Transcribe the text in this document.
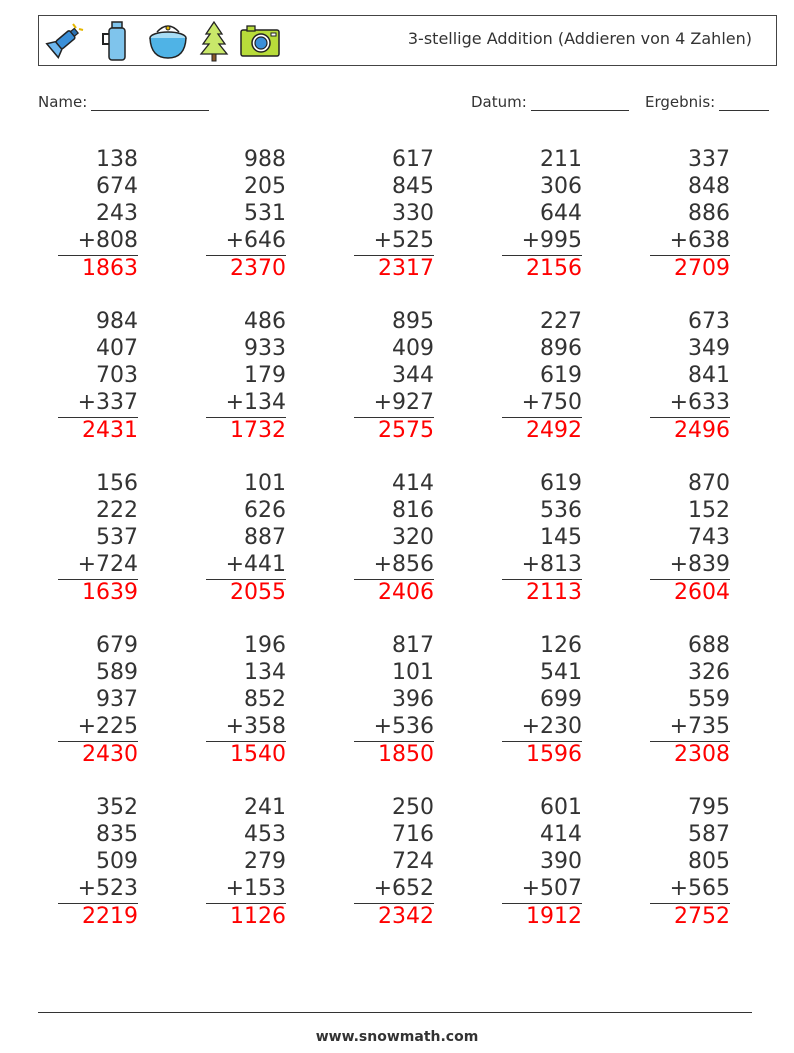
3-stellige Addition (Addieren von 4 Zahlen)
Name:	Datum:	Ergebnis:
138
674
243
+808
1863
988
205
531
+646
2370
617
845
330
+525
2317
211
306
644
+995
2156
337
848
886
+638
2709
984
407
703
+337
2431
486
933
179
+134
1732
895
409
344
+927
2575
227
896
619
+750
2492
673
349
841
+633
2496
156
222
537
+724
1639
101
626
887
+441
2055
414
816
320
+856
2406
619
536
145
+813
2113
870
152
743
+839
2604
679
589
937
+225
2430
196
134
852
+358
1540
817
101
396
+536
1850
126
541
699
+230
1596
688
326
559
+735
2308
352
835
509
+523
2219
241
453
279
+153
1126
250
716
724
+652
2342
601
414
390
+507
1912
795
587
805
+565
2752
www.snowmath.com
